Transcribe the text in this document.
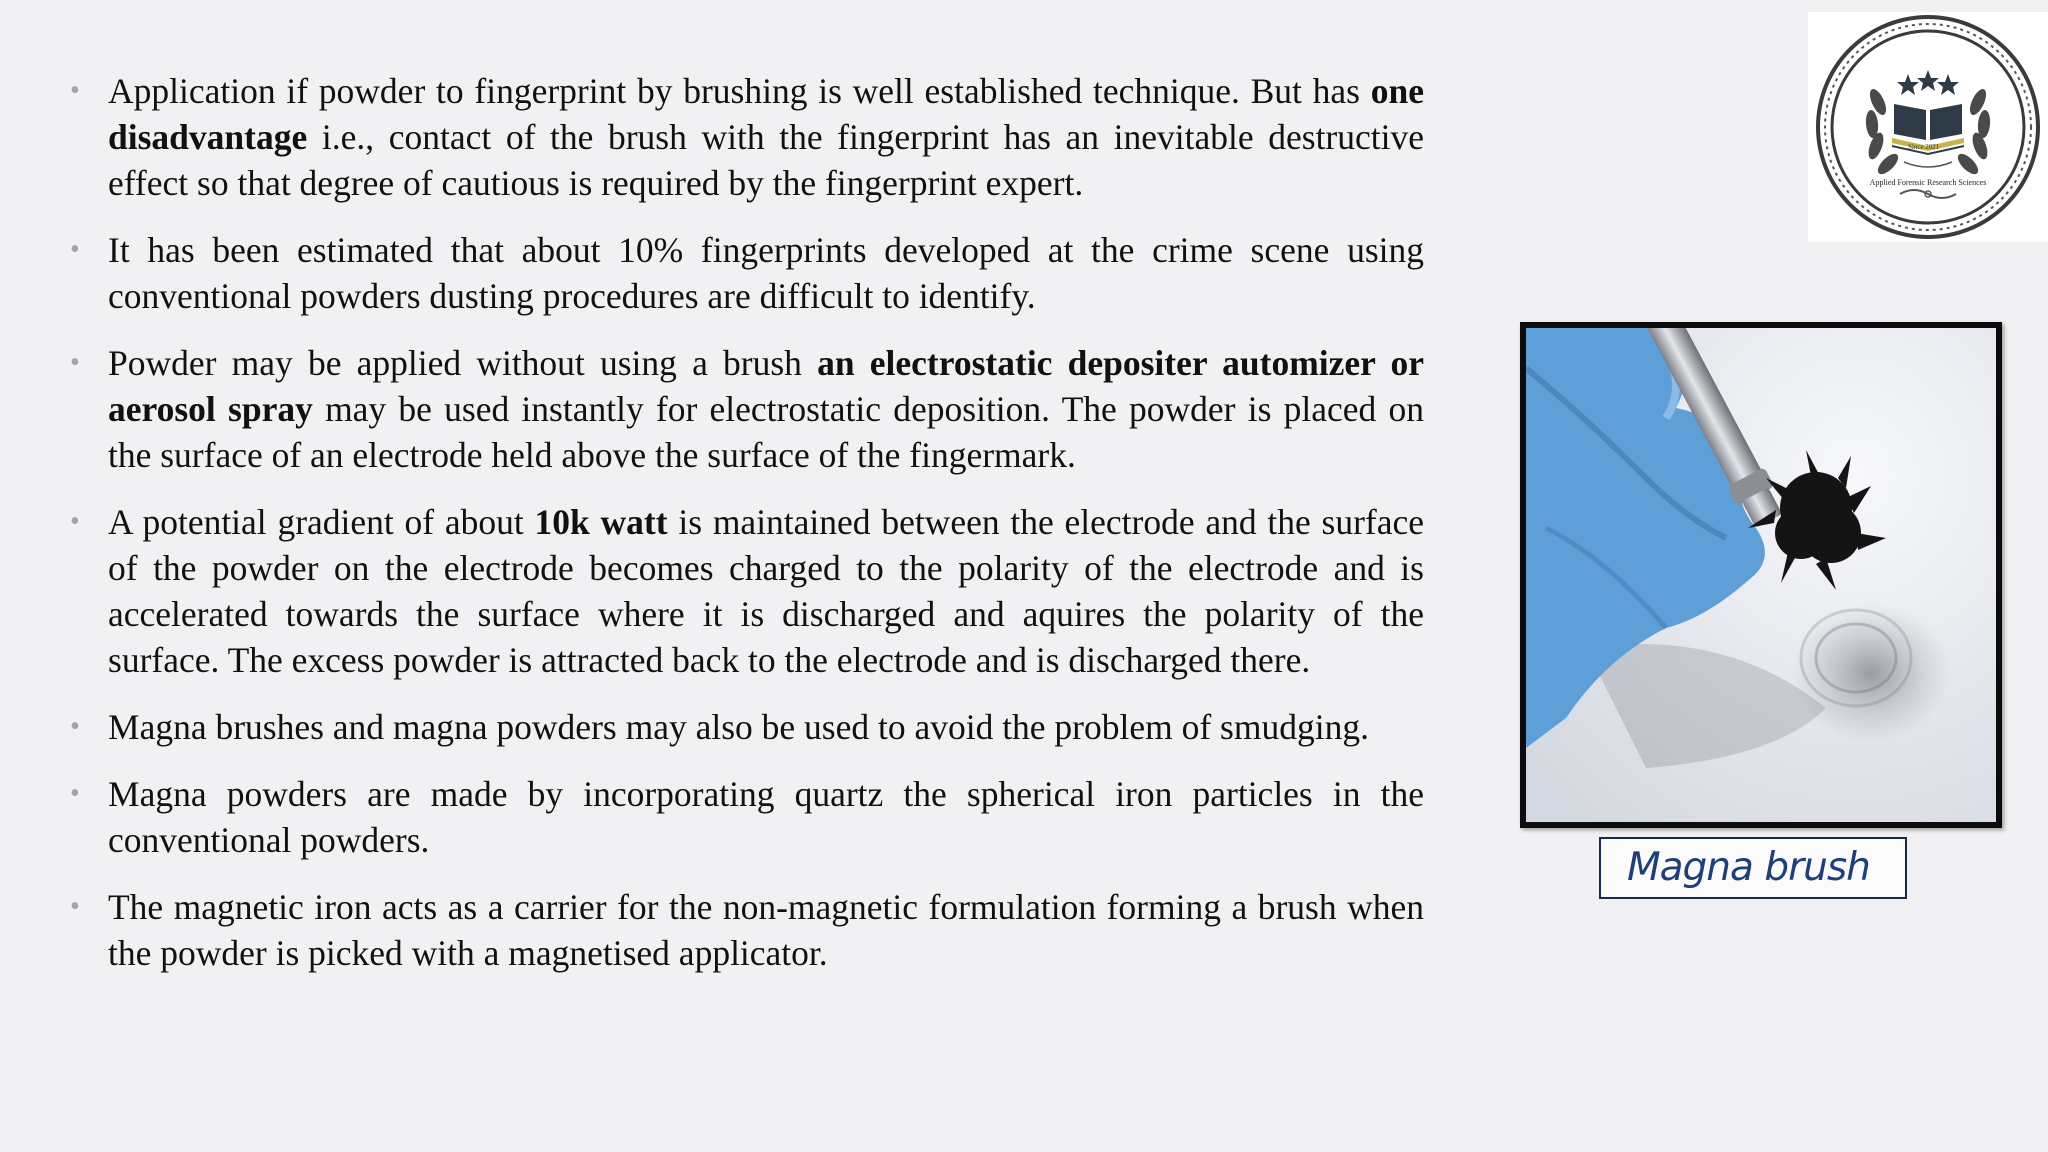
• Application if powder to fingerprint by brushing is well established technique. But has one disadvantage i.e., contact of the brush with the fingerprint has an inevitable destructive effect so that degree of cautious is required by the fingerprint expert.
• It has been estimated that about 10% fingerprints developed at the crime scene using conventional powders dusting procedures are difficult to identify.
• Powder may be applied without using a brush an electrostatic depositer automizer or aerosol spray may be used instantly for electrostatic deposition. The powder is placed on the surface of an electrode held above the surface of the fingermark.
• A potential gradient of about 10k watt is maintained between the electrode and the surface of the powder on the electrode becomes charged to the polarity of the electrode and is accelerated towards the surface where it is discharged and aquires the polarity of the surface. The excess powder is attracted back to the electrode and is discharged there.
• Magna brushes and magna powders may also be used to avoid the problem of smudging.
• Magna powders are made by incorporating quartz the spherical iron particles in the conventional powders.
• The magnetic iron acts as a carrier for the non-magnetic formulation forming a brush when the powder is picked with a magnetised applicator.
Since 2021
Applied Forensic Research Sciences
Magna brush
